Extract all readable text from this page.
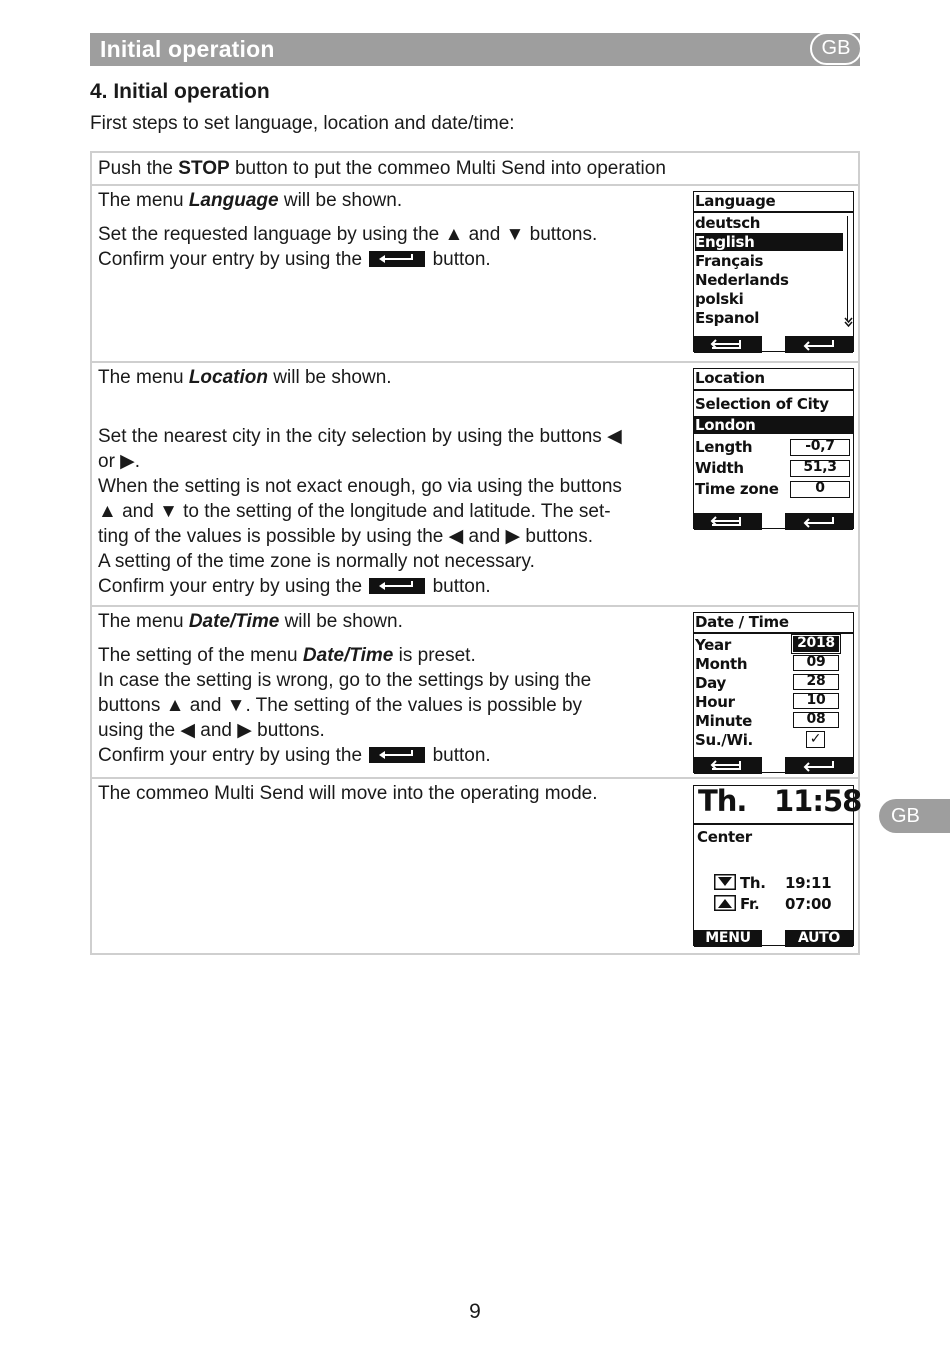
Initial operation	GB
GB
4. Initial operation
First steps to set language, location and date/time:
Push the STOP button to put the commeo Multi Send into operation

The menu Language will be shown.

Set the requested language by using the ▲ and ▼ buttons.

Confirm your entry by using the	button.

Language
deutsch
English
Français
Nederlands
polski
Espanol

The menu Location will be shown.

Set the nearest city in the city selection by using the buttons ◀

or ▶.

When the setting is not exact enough, go via using the buttons

▲ and ▼ to the setting of the longitude and latitude. The set-

ting of the values is possible by using the ◀ and ▶ buttons.

A setting of the time zone is normally not necessary.

Confirm your entry by using the	button.

Location
Selection of City
London
Length	-0,7
Width	51,3
Time zone	0

The menu Date/Time will be shown.

The setting of the menu Date/Time is preset.

In case the setting is wrong, go to the settings by using the

buttons ▲ and ▼. The setting of the values is possible by

using the ◀ and ▶ buttons.

Confirm your entry by using the	button.

Date / Time
Year	2018
Month	09
Day	28
Hour	10
Minute	08
Su./Wi.	✓

The commeo Multi Send will move into the operating mode.	Th. 11:58
Center
Th. 19:11
Fr. 07:00
MENU	AUTO
9
